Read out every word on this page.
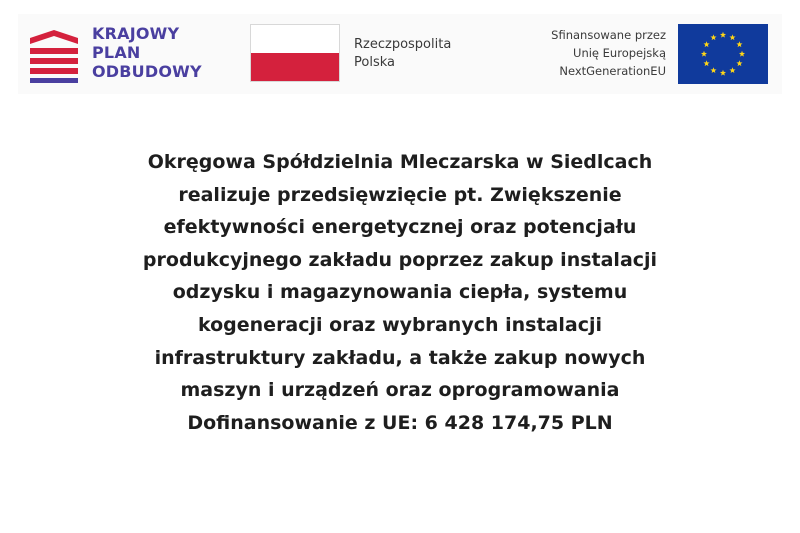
KRAJOWY
PLAN
ODBUDOWY
Rzeczpospolita
Polska
Sfinansowane przez
Unię Europejską
NextGenerationEU
Okręgowa Spółdzielnia Mleczarska w Siedlcach
realizuje przedsięwzięcie pt. Zwiększenie
efektywności energetycznej oraz potencjału
produkcyjnego zakładu poprzez zakup instalacji
odzysku i magazynowania ciepła, systemu
kogeneracji oraz wybranych instalacji
infrastruktury zakładu, a także zakup nowych
maszyn i urządzeń oraz oprogramowania
Dofinansowanie z UE: 6 428 174,75 PLN
